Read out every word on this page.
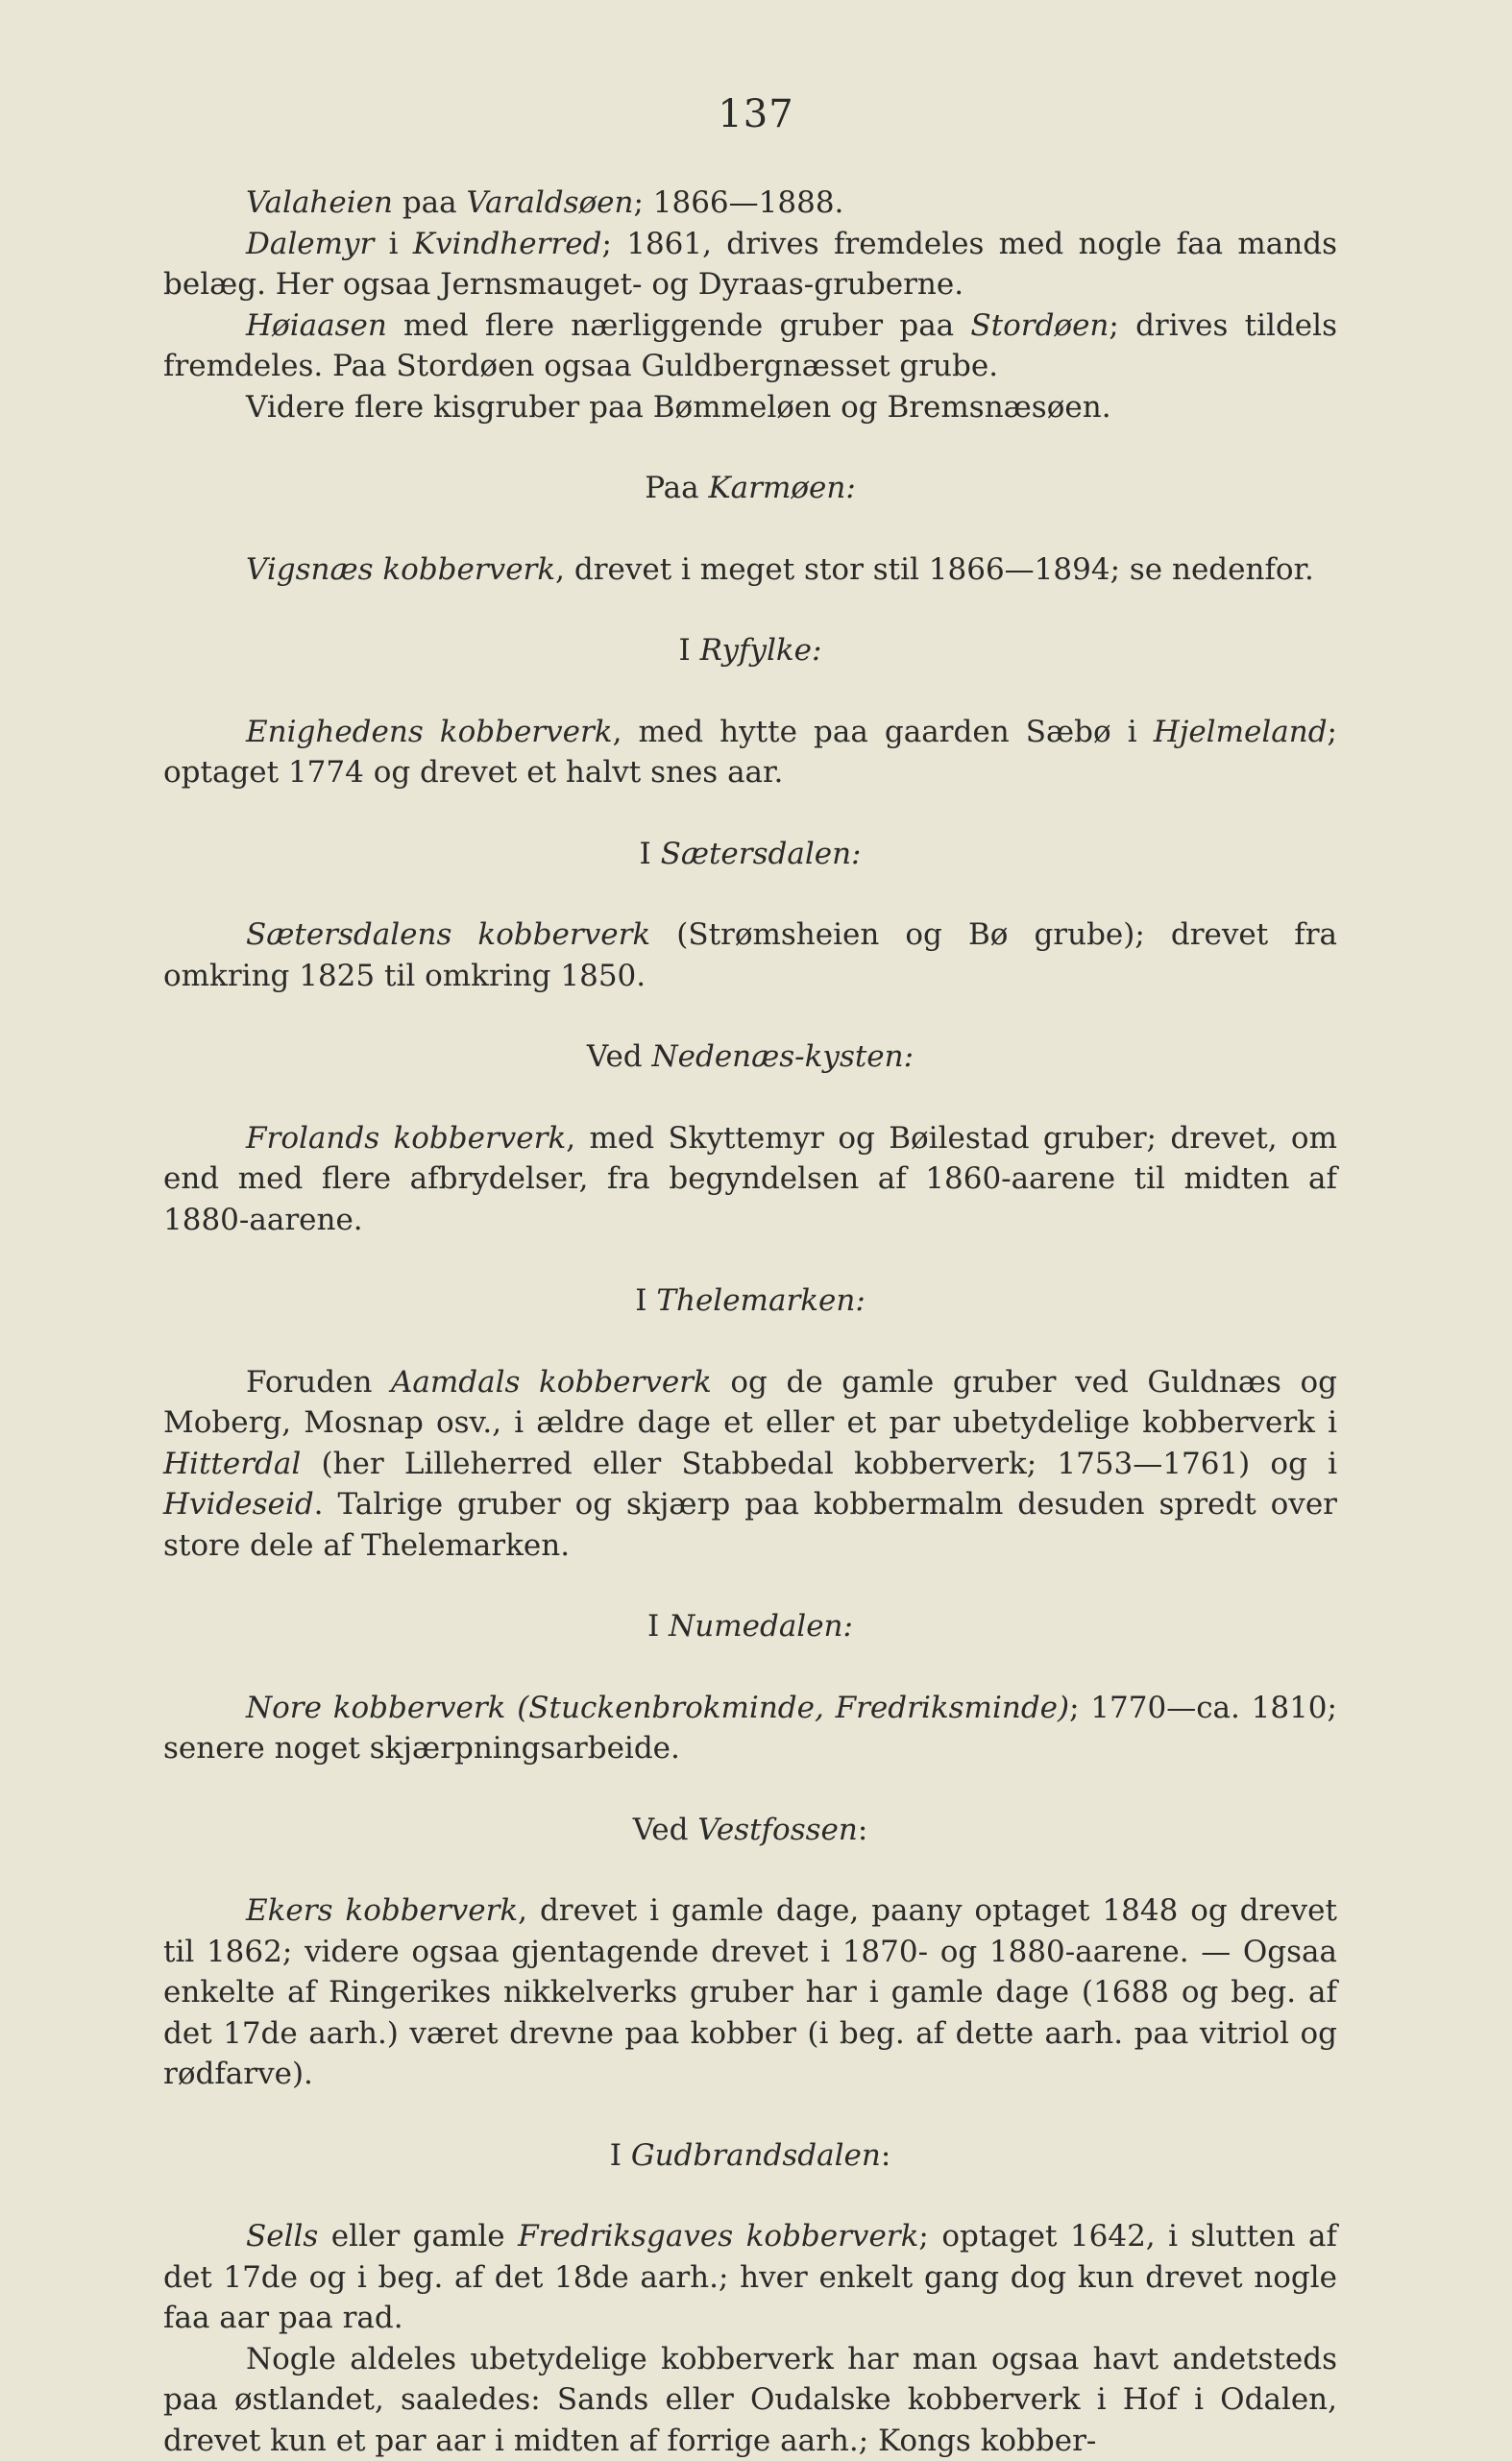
137

Valaheien paa Varaldsøen; 1866—1888.

Dalemyr i Kvindherred; 1861, drives fremdeles med nogle faa mands belæg. Her ogsaa Jernsmauget- og Dyraas-gruberne.

Høiaasen med flere nærliggende gruber paa Stordøen; drives tildels fremdeles. Paa Stordøen ogsaa Guldbergnæsset grube.

Videre flere kisgruber paa Bømmeløen og Bremsnæsøen.

Paa Karmøen:

Vigsnæs kobberverk, drevet i meget stor stil 1866—1894; se nedenfor.

I Ryfylke:

Enighedens kobberverk, med hytte paa gaarden Sæbø i Hjelmeland; optaget 1774 og drevet et halvt snes aar.

I Sætersdalen:

Sætersdalens kobberverk (Strømsheien og Bø grube); drevet fra omkring 1825 til omkring 1850.

Ved Nedenæs-kysten:

Frolands kobberverk, med Skyttemyr og Bøilestad gruber; drevet, om end med flere afbrydelser, fra begyndelsen af 1860-aarene til midten af 1880-aarene.

I Thelemarken:

Foruden Aamdals kobberverk og de gamle gruber ved Guldnæs og Moberg, Mosnap osv., i ældre dage et eller et par ubetydelige kobberverk i Hitterdal (her Lilleherred eller Stabbedal kobberverk; 1753—1761) og i Hvideseid. Talrige gruber og skjærp paa kobbermalm desuden spredt over store dele af Thelemarken.

I Numedalen:

Nore kobberverk (Stuckenbrokminde, Fredriksminde); 1770—ca. 1810; senere noget skjærpningsarbeide.

Ved Vestfossen:

Ekers kobberverk, drevet i gamle dage, paany optaget 1848 og drevet til 1862; videre ogsaa gjentagende drevet i 1870- og 1880-aarene. — Ogsaa enkelte af Ringerikes nikkelverks gruber har i gamle dage (1688 og beg. af det 17de aarh.) været drevne paa kobber (i beg. af dette aarh. paa vitriol og rødfarve).

I Gudbrandsdalen:

Sells eller gamle Fredriksgaves kobberverk; optaget 1642, i slutten af det 17de og i beg. af det 18de aarh.; hver enkelt gang dog kun drevet nogle faa aar paa rad.

Nogle aldeles ubetydelige kobberverk har man ogsaa havt andetsteds paa østlandet, saaledes: Sands eller Oudalske kobberverk i Hof i Odalen, drevet kun et par aar i midten af forrige aarh.; Kongs kobber-
